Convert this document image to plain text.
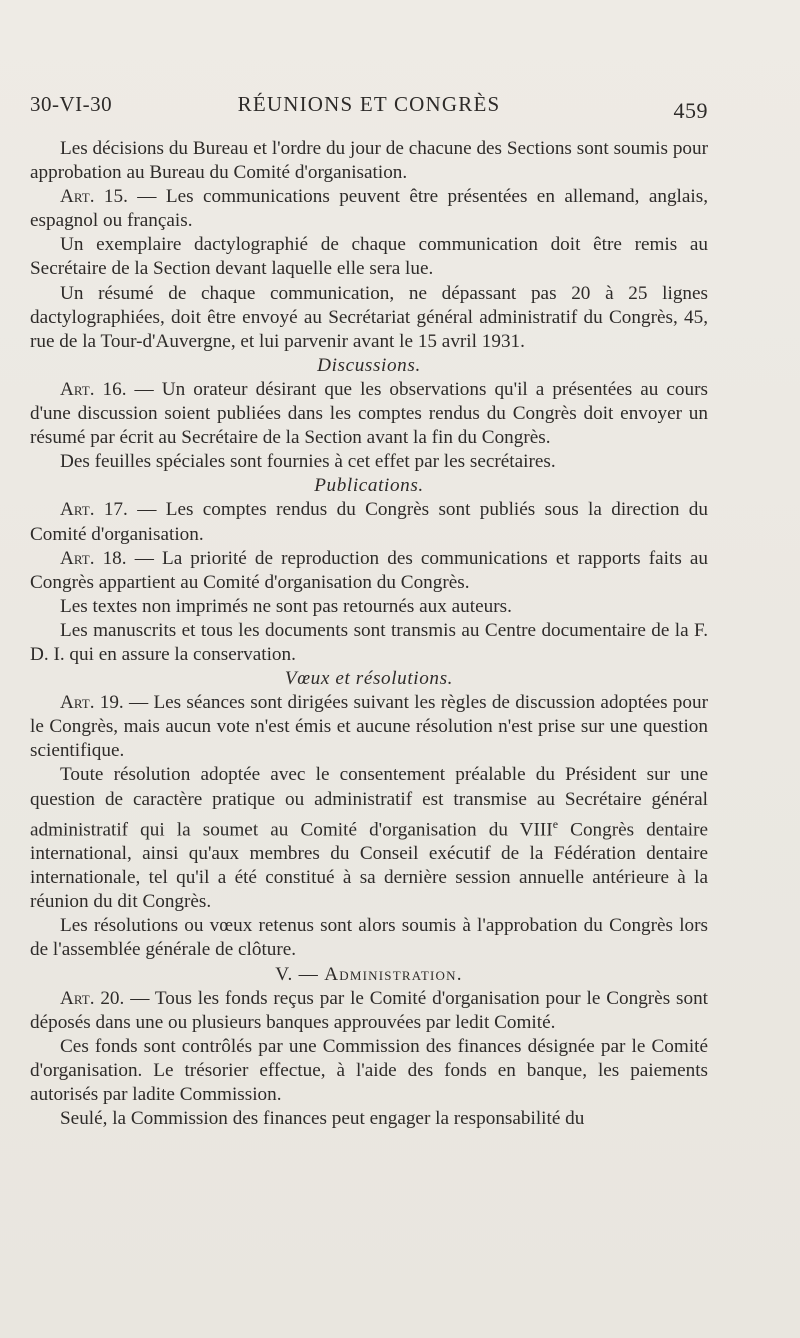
30-VI-30	RÉUNIONS ET CONGRÈS	459

Les décisions du Bureau et l'ordre du jour de chacune des Sections sont soumis pour approbation au Bureau du Comité d'organisation.

Art. 15. — Les communications peuvent être présentées en allemand, anglais, espagnol ou français.

Un exemplaire dactylographié de chaque communication doit être remis au Secrétaire de la Section devant laquelle elle sera lue.

Un résumé de chaque communication, ne dépassant pas 20 à 25 lignes dactylographiées, doit être envoyé au Secrétariat général administratif du Congrès, 45, rue de la Tour-d'Auvergne, et lui parvenir avant le 15 avril 1931.

Discussions.

Art. 16. — Un orateur désirant que les observations qu'il a présentées au cours d'une discussion soient publiées dans les comptes rendus du Congrès doit envoyer un résumé par écrit au Secrétaire de la Section avant la fin du Congrès.

Des feuilles spéciales sont fournies à cet effet par les secrétaires.

Publications.

Art. 17. — Les comptes rendus du Congrès sont publiés sous la direction du Comité d'organisation.

Art. 18. — La priorité de reproduction des communications et rapports faits au Congrès appartient au Comité d'organisation du Congrès.

Les textes non imprimés ne sont pas retournés aux auteurs.

Les manuscrits et tous les documents sont transmis au Centre documentaire de la F. D. I. qui en assure la conservation.

Vœux et résolutions.

Art. 19. — Les séances sont dirigées suivant les règles de discussion adoptées pour le Congrès, mais aucun vote n'est émis et aucune résolution n'est prise sur une question scientifique.

Toute résolution adoptée avec le consentement préalable du Président sur une question de caractère pratique ou administratif est transmise au Secrétaire général administratif qui la soumet au Comité d'organisation du VIIIe Congrès dentaire international, ainsi qu'aux membres du Conseil exécutif de la Fédération dentaire internationale, tel qu'il a été constitué à sa dernière session annuelle antérieure à la réunion du dit Congrès.

Les résolutions ou vœux retenus sont alors soumis à l'approbation du Congrès lors de l'assemblée générale de clôture.

V. — Administration.

Art. 20. — Tous les fonds reçus par le Comité d'organisation pour le Congrès sont déposés dans une ou plusieurs banques approuvées par ledit Comité.

Ces fonds sont contrôlés par une Commission des finances désignée par le Comité d'organisation. Le trésorier effectue, à l'aide des fonds en banque, les paiements autorisés par ladite Commission.

Seulé, la Commission des finances peut engager la responsabilité du
